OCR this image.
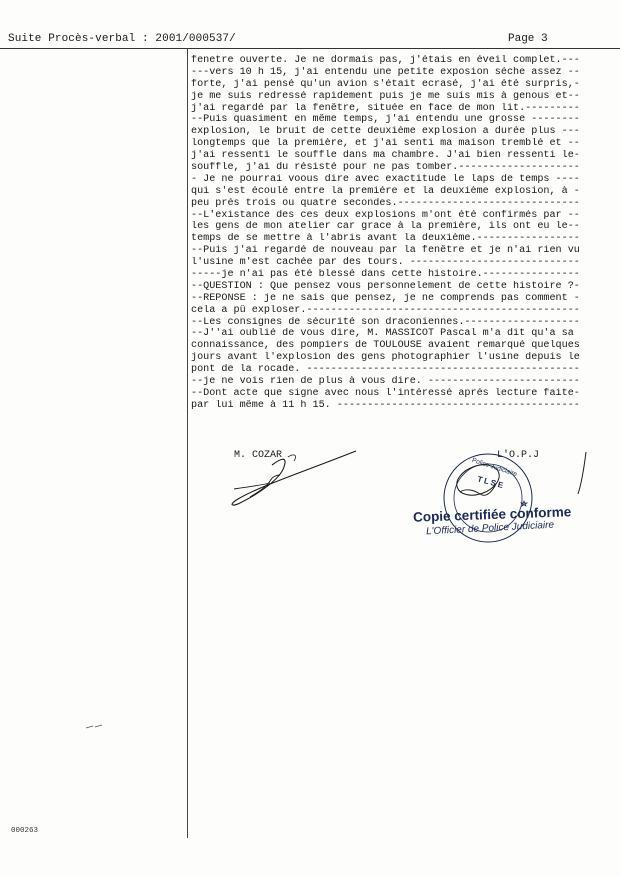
Suite Procès-verbal : 2001/000537/	Page 3
fenetre ouverte. Je ne dormais pas, j'étais en éveil complet.---
---vers 10 h 15, j'ai entendu une petite exposion séche assez --
forte, j'ai pensé qu'un avion s'était ecrasé, j'ai été surpris,-
je me suis redressé rapidement puis je me suis mis à genous et--
j'ai regardé par la fenêtre, située en face de mon lit.---------
--Puis quasiment en même temps, j'ai entendu une grosse --------
explosion, le bruit de cette deuxiéme explosion a durée plus ---
longtemps que la première, et j'ai senti ma maison tremblé et --
j'ai ressenti le souffle dans ma chambre. J'ai bien ressenti le-
souffle, j'ai du résisté pour ne pas tomber.--------------------
- Je ne pourrai voous dire avec exactitude le laps de temps ----
qui s'est écoulé entre la premiére et la deuxième explosion, à -
peu prés trois ou quatre secondes.------------------------------
--L'existance des ces deux explosions m'ont été confirmés par --
les gens de mon atelier car grace à la première, ils ont eu le--
temps de se mettre à l'abris avant la deuxième.-----------------
--Puis j'ai regardé de nouveau par la fenêtre et je n'ai rien vu
l'usine m'est cachée par des tours. ----------------------------
-----je n'ai pas été blessé dans cette histoire.----------------
--QUESTION : Que pensez vous personnelement de cette histoire ?-
--REPONSE : je ne sais que pensez, je ne comprends pas comment -
cela a pû exploser.---------------------------------------------
--Les consignes de sécurité son draconiennes.-------------------
--J''ai oublié de vous dire, M. MASSICOT Pascal m'a dit qu'a sa
connaissance, des pompiers de TOULOUSE avaient remarqué quelques
jours avant l'explosion des gens photographier l'usine depuis le
pont de la rocade. ---------------------------------------------
--je ne vois rien de plus à vous dire. -------------------------
--Dont acte que signe avec nous l'intéressé aprés lecture faite-
par lui même à 11 h 15. ----------------------------------------
M. COZAR	L'O.P.J
Police Judiciaire
TLSE
Copie certifiée conforme
L'Officier de Police Judiciaire
000263
